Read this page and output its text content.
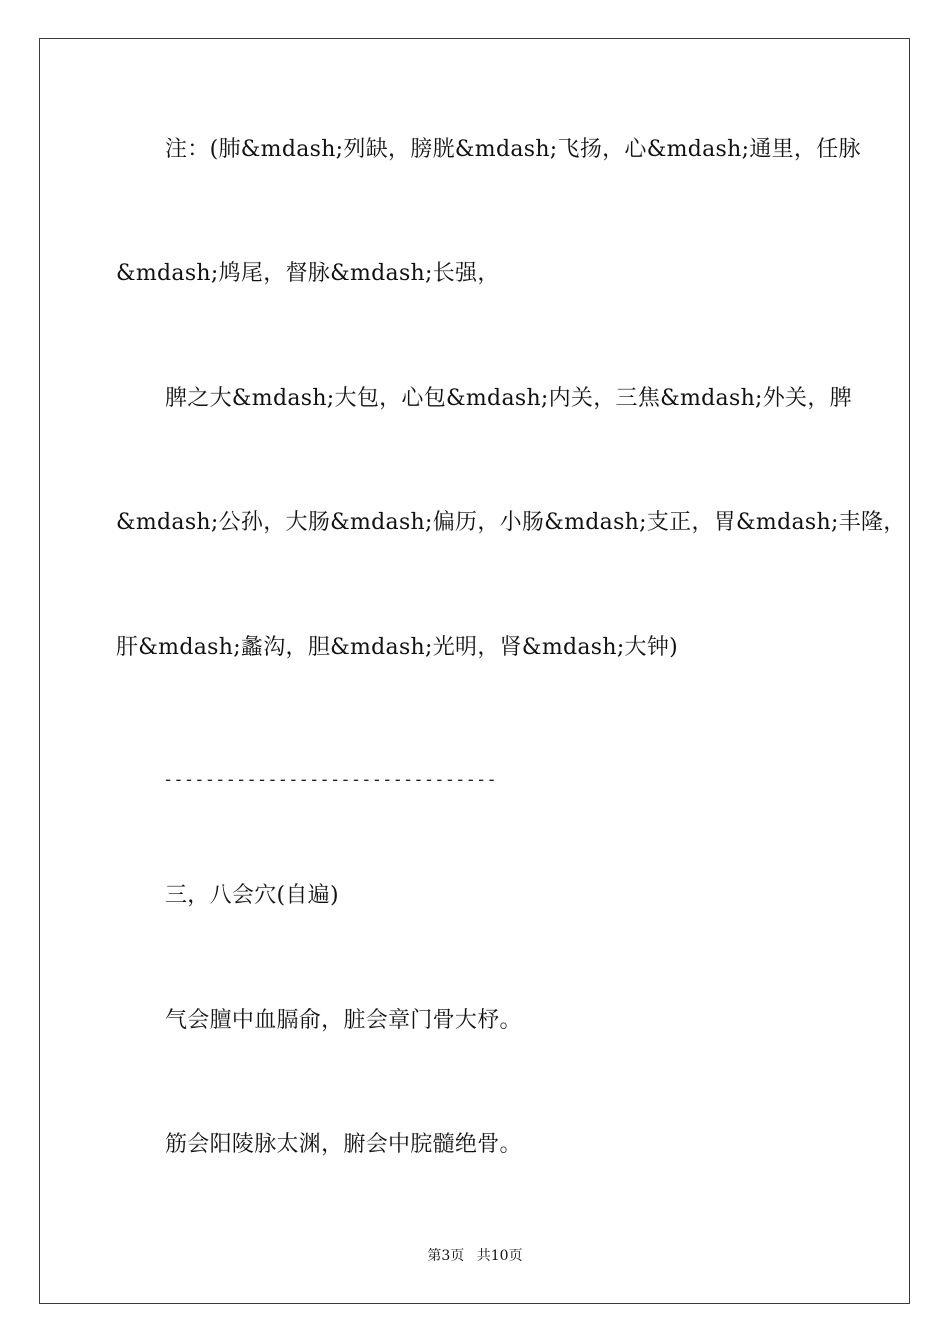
注：(肺&mdash;列缺，膀胱&mdash;飞扬，心&mdash;通里，任脉
&mdash;鸠尾，督脉&mdash;长强，
脾之大&mdash;大包，心包&mdash;内关，三焦&mdash;外关，脾
&mdash;公孙，大肠&mdash;偏历，小肠&mdash;支正，胃&mdash;丰隆，
肝&mdash;蠡沟，胆&mdash;光明，肾&mdash;大钟)
--------------------------------
三，八会穴(自遍)
气会膻中血膈俞，脏会章门骨大杼。
筋会阳陵脉太渊，腑会中脘髓绝骨。
第3页 共10页
